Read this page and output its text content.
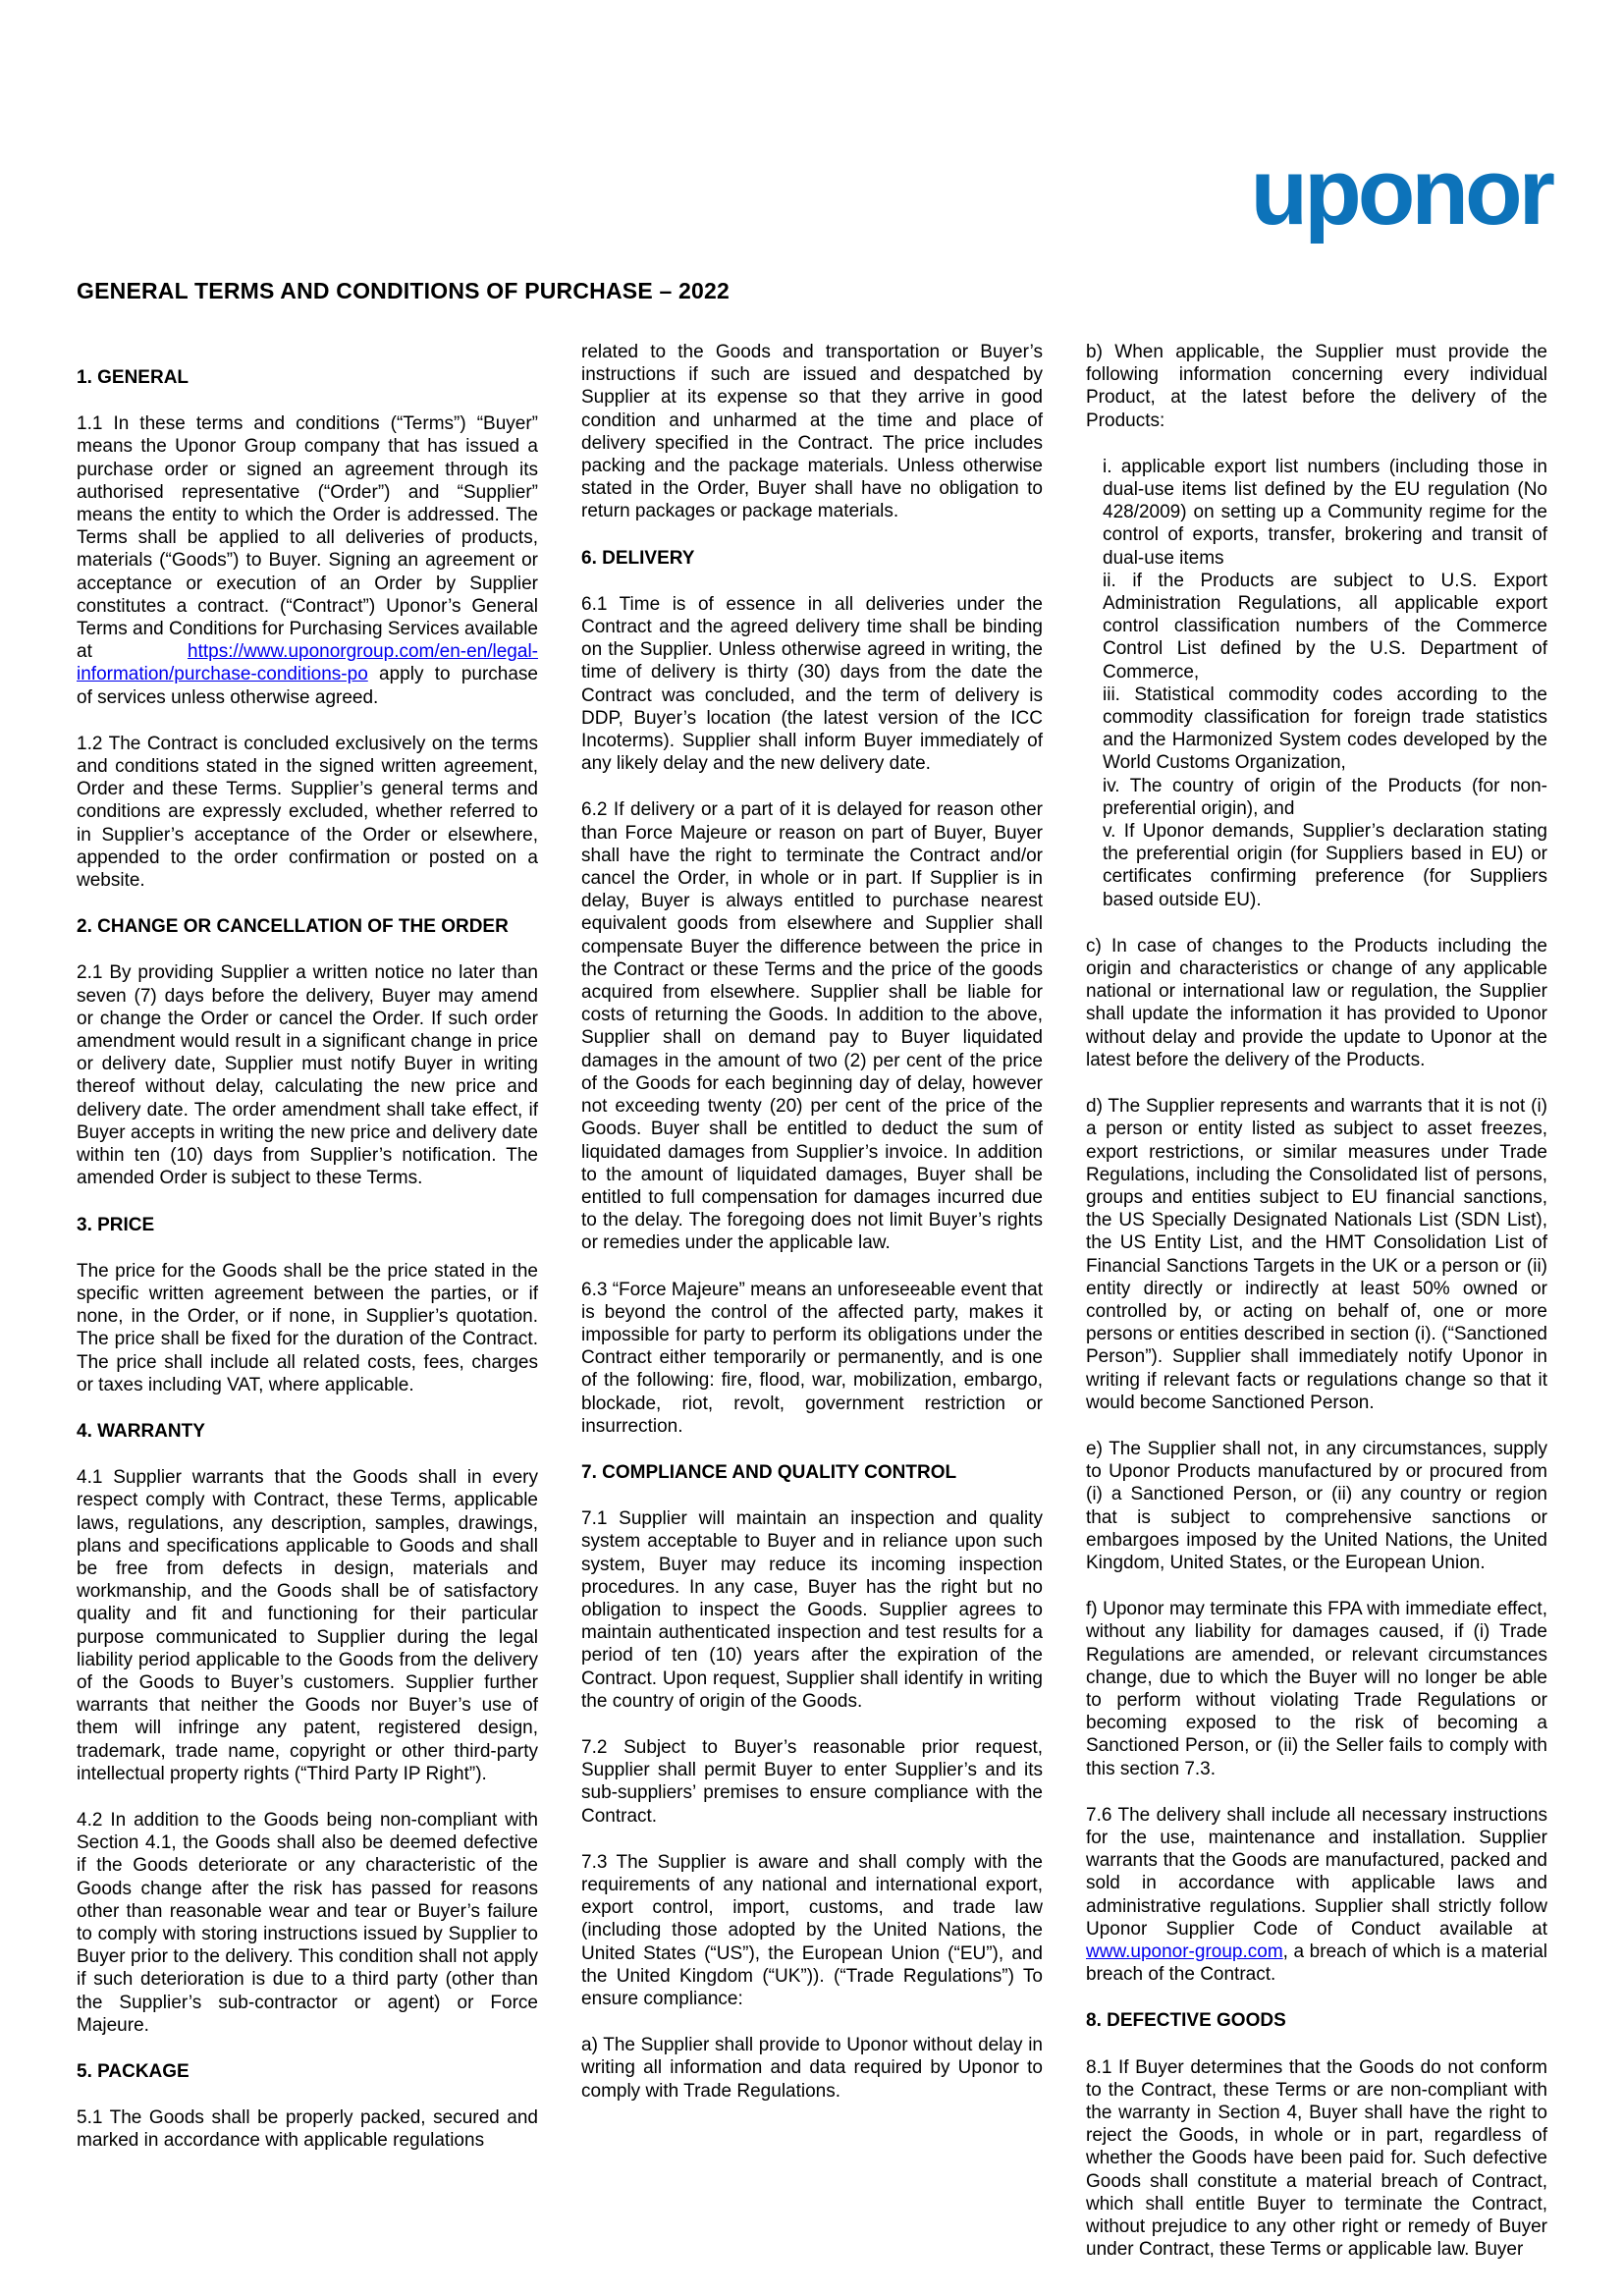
uponor
GENERAL TERMS AND CONDITIONS OF PURCHASE – 2022
1. GENERAL

1.1 In these terms and conditions (“Terms”) “Buyer” means the Uponor Group company that has issued a purchase order or signed an agreement through its authorised representative (“Order”) and “Supplier” means the entity to which the Order is addressed. The Terms shall be applied to all deliveries of products, materials (“Goods”) to Buyer. Signing an agreement or acceptance or execution of an Order by Supplier constitutes a contract. (“Contract”) Uponor’s General Terms and Conditions for Purchasing Services available at https://www.uponorgroup.com/en-en/legal-information/purchase-conditions-po apply to purchase of services unless otherwise agreed.

1.2 The Contract is concluded exclusively on the terms and conditions stated in the signed written agreement, Order and these Terms. Supplier’s general terms and conditions are expressly excluded, whether referred to in Supplier’s acceptance of the Order or elsewhere, appended to the order confirmation or posted on a website.

2. CHANGE OR CANCELLATION OF THE ORDER

2.1 By providing Supplier a written notice no later than seven (7) days before the delivery, Buyer may amend or change the Order or cancel the Order. If such order amendment would result in a significant change in price or delivery date, Supplier must notify Buyer in writing thereof without delay, calculating the new price and delivery date. The order amendment shall take effect, if Buyer accepts in writing the new price and delivery date within ten (10) days from Supplier’s notification. The amended Order is subject to these Terms.

3. PRICE

The price for the Goods shall be the price stated in the specific written agreement between the parties, or if none, in the Order, or if none, in Supplier’s quotation. The price shall be fixed for the duration of the Contract. The price shall include all related costs, fees, charges or taxes including VAT, where applicable.

4. WARRANTY

4.1 Supplier warrants that the Goods shall in every respect comply with Contract, these Terms, applicable laws, regulations, any description, samples, drawings, plans and specifications applicable to Goods and shall be free from defects in design, materials and workmanship, and the Goods shall be of satisfactory quality and fit and functioning for their particular purpose communicated to Supplier during the legal liability period applicable to the Goods from the delivery of the Goods to Buyer’s customers. Supplier further warrants that neither the Goods nor Buyer’s use of them will infringe any patent, registered design, trademark, trade name, copyright or other third-party intellectual property rights (“Third Party IP Right”).

4.2 In addition to the Goods being non-compliant with Section 4.1, the Goods shall also be deemed defective if the Goods deteriorate or any characteristic of the Goods change after the risk has passed for reasons other than reasonable wear and tear or Buyer’s failure to comply with storing instructions issued by Supplier to Buyer prior to the delivery. This condition shall not apply if such deterioration is due to a third party (other than the Supplier’s sub-contractor or agent) or Force Majeure.

5. PACKAGE

5.1 The Goods shall be properly packed, secured and marked in accordance with applicable regulations

related to the Goods and transportation or Buyer’s instructions if such are issued and despatched by Supplier at its expense so that they arrive in good condition and unharmed at the time and place of delivery specified in the Contract. The price includes packing and the package materials. Unless otherwise stated in the Order, Buyer shall have no obligation to return packages or package materials.

6. DELIVERY

6.1 Time is of essence in all deliveries under the Contract and the agreed delivery time shall be binding on the Supplier. Unless otherwise agreed in writing, the time of delivery is thirty (30) days from the date the Contract was concluded, and the term of delivery is DDP, Buyer’s location (the latest version of the ICC Incoterms). Supplier shall inform Buyer immediately of any likely delay and the new delivery date.

6.2 If delivery or a part of it is delayed for reason other than Force Majeure or reason on part of Buyer, Buyer shall have the right to terminate the Contract and/or cancel the Order, in whole or in part. If Supplier is in delay, Buyer is always entitled to purchase nearest equivalent goods from elsewhere and Supplier shall compensate Buyer the difference between the price in the Contract or these Terms and the price of the goods acquired from elsewhere. Supplier shall be liable for costs of returning the Goods. In addition to the above, Supplier shall on demand pay to Buyer liquidated damages in the amount of two (2) per cent of the price of the Goods for each beginning day of delay, however not exceeding twenty (20) per cent of the price of the Goods. Buyer shall be entitled to deduct the sum of liquidated damages from Supplier’s invoice. In addition to the amount of liquidated damages, Buyer shall be entitled to full compensation for damages incurred due to the delay. The foregoing does not limit Buyer’s rights or remedies under the applicable law.

6.3 “Force Majeure” means an unforeseeable event that is beyond the control of the affected party, makes it impossible for party to perform its obligations under the Contract either temporarily or permanently, and is one of the following: fire, flood, war, mobilization, embargo, blockade, riot, revolt, government restriction or insurrection.

7. COMPLIANCE AND QUALITY CONTROL

7.1 Supplier will maintain an inspection and quality system acceptable to Buyer and in reliance upon such system, Buyer may reduce its incoming inspection procedures. In any case, Buyer has the right but no obligation to inspect the Goods. Supplier agrees to maintain authenticated inspection and test results for a period of ten (10) years after the expiration of the Contract. Upon request, Supplier shall identify in writing the country of origin of the Goods.

7.2 Subject to Buyer’s reasonable prior request, Supplier shall permit Buyer to enter Supplier’s and its sub-suppliers’ premises to ensure compliance with the Contract.

7.3 The Supplier is aware and shall comply with the requirements of any national and international export, export control, import, customs, and trade law (including those adopted by the United Nations, the United States (“US”), the European Union (“EU”), and the United Kingdom (“UK”)). (“Trade Regulations”) To ensure compliance:

a) The Supplier shall provide to Uponor without delay in writing all information and data required by Uponor to comply with Trade Regulations.

b) When applicable, the Supplier must provide the following information concerning every individual Product, at the latest before the delivery of the Products:

i. applicable export list numbers (including those in dual-use items list defined by the EU regulation (No 428/2009) on setting up a Community regime for the control of exports, transfer, brokering and transit of dual-use items

ii. if the Products are subject to U.S. Export Administration Regulations, all applicable export control classification numbers of the Commerce Control List defined by the U.S. Department of Commerce,

iii. Statistical commodity codes according to the commodity classification for foreign trade statistics and the Harmonized System codes developed by the World Customs Organization,

iv. The country of origin of the Products (for non-preferential origin), and

v. If Uponor demands, Supplier’s declaration stating the preferential origin (for Suppliers based in EU) or certificates confirming preference (for Suppliers based outside EU).

c) In case of changes to the Products including the origin and characteristics or change of any applicable national or international law or regulation, the Supplier shall update the information it has provided to Uponor without delay and provide the update to Uponor at the latest before the delivery of the Products.

d) The Supplier represents and warrants that it is not (i) a person or entity listed as subject to asset freezes, export restrictions, or similar measures under Trade Regulations, including the Consolidated list of persons, groups and entities subject to EU financial sanctions, the US Specially Designated Nationals List (SDN List), the US Entity List, and the HMT Consolidation List of Financial Sanctions Targets in the UK or a person or (ii) entity directly or indirectly at least 50% owned or controlled by, or acting on behalf of, one or more persons or entities described in section (i). (“Sanctioned Person”). Supplier shall immediately notify Uponor in writing if relevant facts or regulations change so that it would become Sanctioned Person.

e) The Supplier shall not, in any circumstances, supply to Uponor Products manufactured by or procured from (i) a Sanctioned Person, or (ii) any country or region that is subject to comprehensive sanctions or embargoes imposed by the United Nations, the United Kingdom, United States, or the European Union.

f) Uponor may terminate this FPA with immediate effect, without any liability for damages caused, if (i) Trade Regulations are amended, or relevant circumstances change, due to which the Buyer will no longer be able to perform without violating Trade Regulations or becoming exposed to the risk of becoming a Sanctioned Person, or (ii) the Seller fails to comply with this section 7.3.

7.6 The delivery shall include all necessary instructions for the use, maintenance and installation. Supplier warrants that the Goods are manufactured, packed and sold in accordance with applicable laws and administrative regulations. Supplier shall strictly follow Uponor Supplier Code of Conduct available at www.uponor-group.com, a breach of which is a material breach of the Contract.

8. DEFECTIVE GOODS

8.1 If Buyer determines that the Goods do not conform to the Contract, these Terms or are non-compliant with the warranty in Section 4, Buyer shall have the right to reject the Goods, in whole or in part, regardless of whether the Goods have been paid for. Such defective Goods shall constitute a material breach of Contract, which shall entitle Buyer to terminate the Contract, without prejudice to any other right or remedy of Buyer under Contract, these Terms or applicable law. Buyer
